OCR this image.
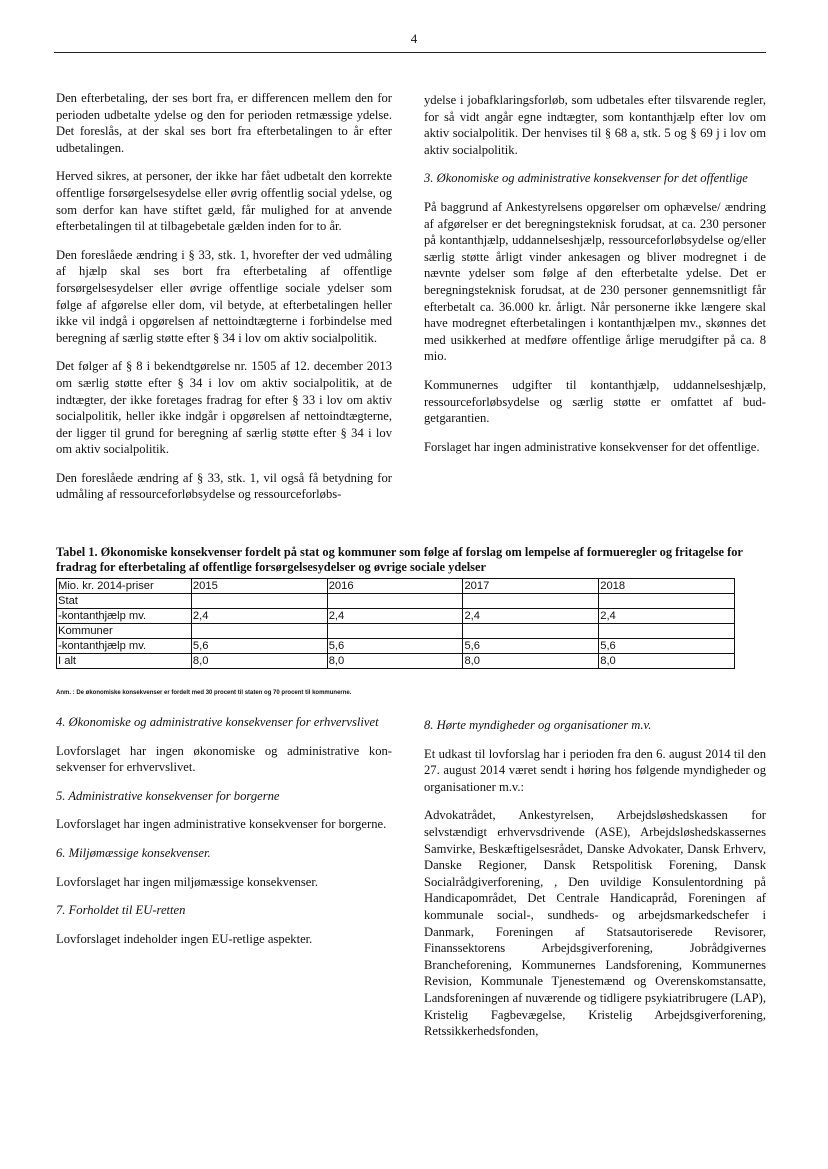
4

Den efterbetaling, der ses bort fra, er differencen mellem den for perioden udbetalte ydelse og den for perioden retmæssige ydelse. Det foreslås, at der skal ses bort fra efterbetalingen to år efter udbetalingen.

Herved sikres, at personer, der ikke har fået udbetalt den korrekte offentlige forsørgelsesydelse eller øvrig offentlig social ydelse, og som derfor kan have stiftet gæld, får mulighed for at anvende efterbetalingen til at tilbagebetale gælden inden for to år.

Den foreslåede ændring i § 33, stk. 1, hvorefter der ved udmåling af hjælp skal ses bort fra efterbetaling af offentlige forsørgelsesydelser eller øvrige offentlige sociale ydelser som følge af afgørelse eller dom, vil betyde, at efterbetalingen heller ikke vil indgå i opgørelsen af nettoindtægterne i forbindelse med beregning af særlig støtte efter § 34 i lov om aktiv socialpolitik.

Det følger af § 8 i bekendtgørelse nr. 1505 af 12. december 2013 om særlig støtte efter § 34 i lov om aktiv socialpolitik, at de indtægter, der ikke foretages fradrag for efter § 33 i lov om aktiv socialpolitik, heller ikke indgår i opgørelsen af nettoindtægterne, der ligger til grund for beregning af særlig støtte efter § 34 i lov om aktiv socialpolitik.

Den foreslåede ændring af § 33, stk. 1, vil også få betydning for udmåling af ressourceforløbsydelse og ressourceforløbs-

ydelse i jobafklaringsforløb, som udbetales efter tilsvarende regler, for så vidt angår egne indtægter, som kontanthjælp efter lov om aktiv socialpolitik. Der henvises til § 68 a, stk. 5 og § 69 j i lov om aktiv socialpolitik.

3. Økonomiske og administrative konsekvenser for det offentlige

På baggrund af Ankestyrelsens opgørelser om ophævelse/ ændring af afgørelser er det beregningsteknisk forudsat, at ca. 230 personer på kontanthjælp, uddannelseshjælp, ressourceforløbsydelse og/eller særlig støtte årligt vinder ankesagen og bliver modregnet i de nævnte ydelser som følge af den efterbetalte ydelse. Det er beregningsteknisk forudsat, at de 230 personer gennemsnitligt får efterbetalt ca. 36.000 kr. årligt. Når personerne ikke længere skal have modregnet efterbetalingen i kontanthjælpen mv., skønnes det med usikkerhed at medføre offentlige årlige merudgifter på ca. 8 mio.

Kommunernes udgifter til kontanthjælp, uddannelseshjælp, ressourceforløbsydelse og særlig støtte er omfattet af budgetgarantien.

Forslaget har ingen administrative konsekvenser for det offentlige.

Tabel 1. Økonomiske konsekvenser fordelt på stat og kommuner som følge af forslag om lempelse af formueregler og fritagelse for fradrag for efterbetaling af offentlige forsørgelsesydelser og øvrige sociale ydelser
Mio. kr. 2014-priser	2015	2016	2017	2018
Stat				
-kontanthjælp mv.	2,4	2,4	2,4	2,4
Kommuner				
-kontanthjælp mv.	5,6	5,6	5,6	5,6
I alt	8,0	8,0	8,0	8,0
Anm. : De økonomiske konsekvenser er fordelt med 30 procent til staten og 70 procent til kommunerne.

4. Økonomiske og administrative konsekvenser for erhvervslivet

Lovforslaget har ingen økonomiske og administrative konsekvenser for erhvervslivet.

5. Administrative konsekvenser for borgerne

Lovforslaget har ingen administrative konsekvenser for borgerne.

6. Miljømæssige konsekvenser.

Lovforslaget har ingen miljømæssige konsekvenser.

7. Forholdet til EU-retten

Lovforslaget indeholder ingen EU-retlige aspekter.

8. Hørte myndigheder og organisationer m.v.

Et udkast til lovforslag har i perioden fra den 6. august 2014 til den 27. august 2014 været sendt i høring hos følgende myndigheder og organisationer m.v.:

Advokatrådet, Ankestyrelsen, Arbejdsløshedskassen for selvstændigt erhvervsdrivende (ASE), Arbejdsløshedskassernes Samvirke, Beskæftigelsesrådet, Danske Advokater, Dansk Erhverv, Danske Regioner, Dansk Retspolitisk Forening, Dansk Socialrådgiverforening, , Den uvildige Konsulentordning på Handicapområdet, Det Centrale Handicapråd, Foreningen af kommunale social-, sundheds- og arbejdsmarkedschefer i Danmark, Foreningen af Statsautoriserede Revisorer, Finanssektorens Arbejdsgiverforening, Jobrådgivernes Brancheforening, Kommunernes Landsforening, Kommunernes Revision, Kommunale Tjenestemænd og Overenskomstansatte, Landsforeningen af nuværende og tidligere psykiatribrugere (LAP), Kristelig Fagbevægelse, Kristelig Arbejdsgiverforening, Retssikkerhedsfonden,
